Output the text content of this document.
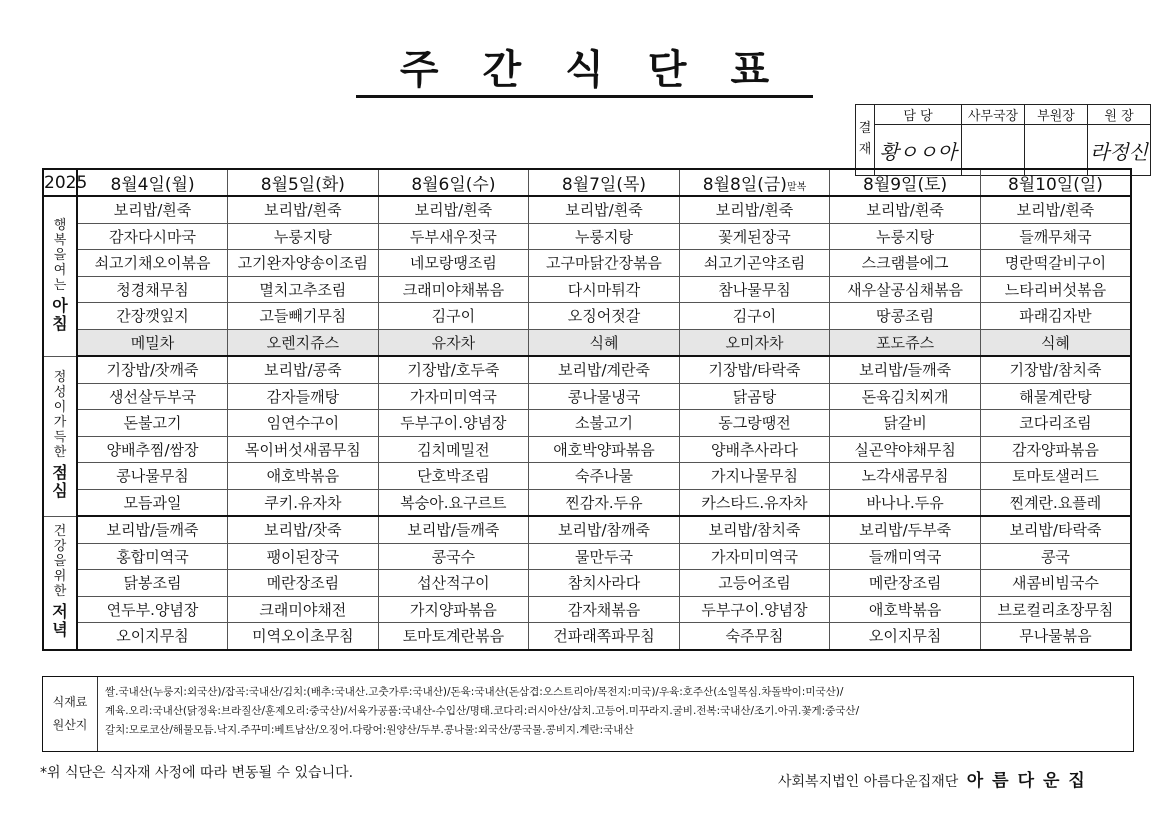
주간식단표
결재	담 당	사무국장	부원장	원 장
	황ㅇㅇ아			라정신
2025	8월4일(월)	8월5일(화)	8월6일(수)	8월7일(목)	8월8일(금)말복	8월9일(토)	8월10일(일)

행복을여는
아침	보리밥/흰죽	보리밥/흰죽	보리밥/흰죽	보리밥/흰죽	보리밥/흰죽	보리밥/흰죽	보리밥/흰죽
	감자다시마국	누룽지탕	두부새우젓국	누룽지탕	꽃게된장국	누룽지탕	들깨무채국
	쇠고기채오이볶음	고기완자양송이조림	네모랑땡조림	고구마닭간장볶음	쇠고기곤약조림	스크램블에그	명란떡갈비구이
	청경채무침	멸치고추조림	크래미야채볶음	다시마튀각	참나물무침	새우살공심채볶음	느타리버섯볶음
	간장깻잎지	고들빼기무침	김구이	오징어젓갈	김구이	땅콩조림	파래김자반
	메밀차	오렌지쥬스	유자차	식혜	오미자차	포도쥬스	식혜

정성이가득한
점심	기장밥/잣깨죽	보리밥/콩죽	기장밥/호두죽	보리밥/계란죽	기장밥/타락죽	보리밥/들깨죽	기장밥/참치죽
	생선살두부국	감자들깨탕	가자미미역국	콩나물냉국	닭곰탕	돈육김치찌개	해물계란탕
	돈불고기	임연수구이	두부구이.양념장	소불고기	동그랑땡전	닭갈비	코다리조림
	양배추찜/쌈장	목이버섯새콤무침	김치메밀전	애호박양파볶음	양배추사라다	실곤약야채무침	감자양파볶음
	콩나물무침	애호박볶음	단호박조림	숙주나물	가지나물무침	노각새콤무침	토마토샐러드
	모듬과일	쿠키.유자차	복숭아.요구르트	찐감자.두유	카스타드.유자차	바나나.두유	찐계란.요플레

건강을위한
저녁	보리밥/들깨죽	보리밥/잣죽	보리밥/들깨죽	보리밥/참깨죽	보리밥/참치죽	보리밥/두부죽	보리밥/타락죽
	홍합미역국	팽이된장국	콩국수	물만두국	가자미미역국	들깨미역국	콩국
	닭봉조림	메란장조림	섭산적구이	참치사라다	고등어조림	메란장조림	새콤비빔국수
	연두부.양념장	크래미야채전	가지양파볶음	감자채볶음	두부구이.양념장	애호박볶음	브로컬리초장무침
	오이지무침	미역오이초무침	토마토계란볶음	건파래쪽파무침	숙주무침	오이지무침	무나물볶음
식재료
원산지
쌀.국내산(누룽지:외국산)/잡곡:국내산/김치:(배추:국내산.고춧가루:국내산)/돈육:국내산(돈삼겹:오스트리아/목전지:미국)/우육:호주산(소일목심.차돌박이:미국산)/
계육.오리:국내산(닭정육:브라질산/훈제오리:중국산)/서육가공품:국내산-수입산/명태.코다리:러시아산/삼치.고등어.미꾸라지.굴비.전복:국내산/조기.아귀.꽃게:중국산/
갈치:모로코산/해물모듬.낙지.주꾸미:베트남산/오징어.다랑어:원양산/두부.콩나물:외국산/콩국물.콩비지.계란:국내산
*위 식단은 식자재 사정에 따라 변동될 수 있습니다.
사회복지법인 아름다운집재단 아름다운집
